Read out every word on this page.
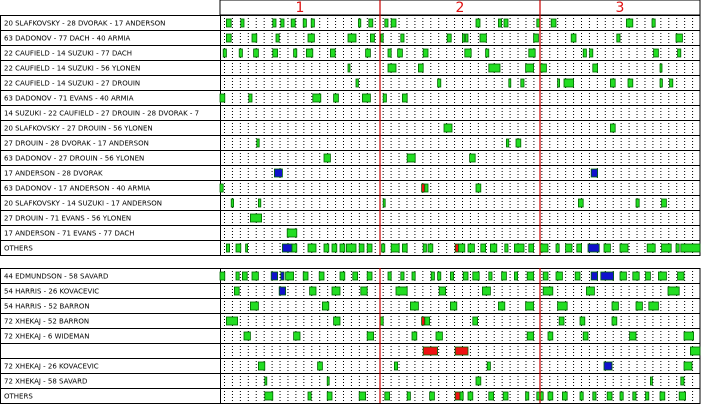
1	2	3
20 SLAFKOVSKY - 28 DVORAK - 17 ANDERSON
63 DADONOV - 77 DACH - 40 ARMIA
22 CAUFIELD - 14 SUZUKI - 77 DACH
22 CAUFIELD - 14 SUZUKI - 56 YLONEN
22 CAUFIELD - 14 SUZUKI - 27 DROUIN
63 DADONOV - 71 EVANS - 40 ARMIA
14 SUZUKI - 22 CAUFIELD - 27 DROUIN - 28 DVORAK - 7
20 SLAFKOVSKY - 27 DROUIN - 56 YLONEN
27 DROUIN - 28 DVORAK - 17 ANDERSON
63 DADONOV - 27 DROUIN - 56 YLONEN
17 ANDERSON - 28 DVORAK
63 DADONOV - 17 ANDERSON - 40 ARMIA
20 SLAFKOVSKY - 14 SUZUKI - 17 ANDERSON
27 DROUIN - 71 EVANS - 56 YLONEN
17 ANDERSON - 71 EVANS - 77 DACH
OTHERS
44 EDMUNDSON - 58 SAVARD
54 HARRIS - 26 KOVACEVIC
54 HARRIS - 52 BARRON
72 XHEKAJ - 52 BARRON
72 XHEKAJ - 6 WIDEMAN
72 XHEKAJ - 26 KOVACEVIC
72 XHEKAJ - 58 SAVARD
OTHERS
